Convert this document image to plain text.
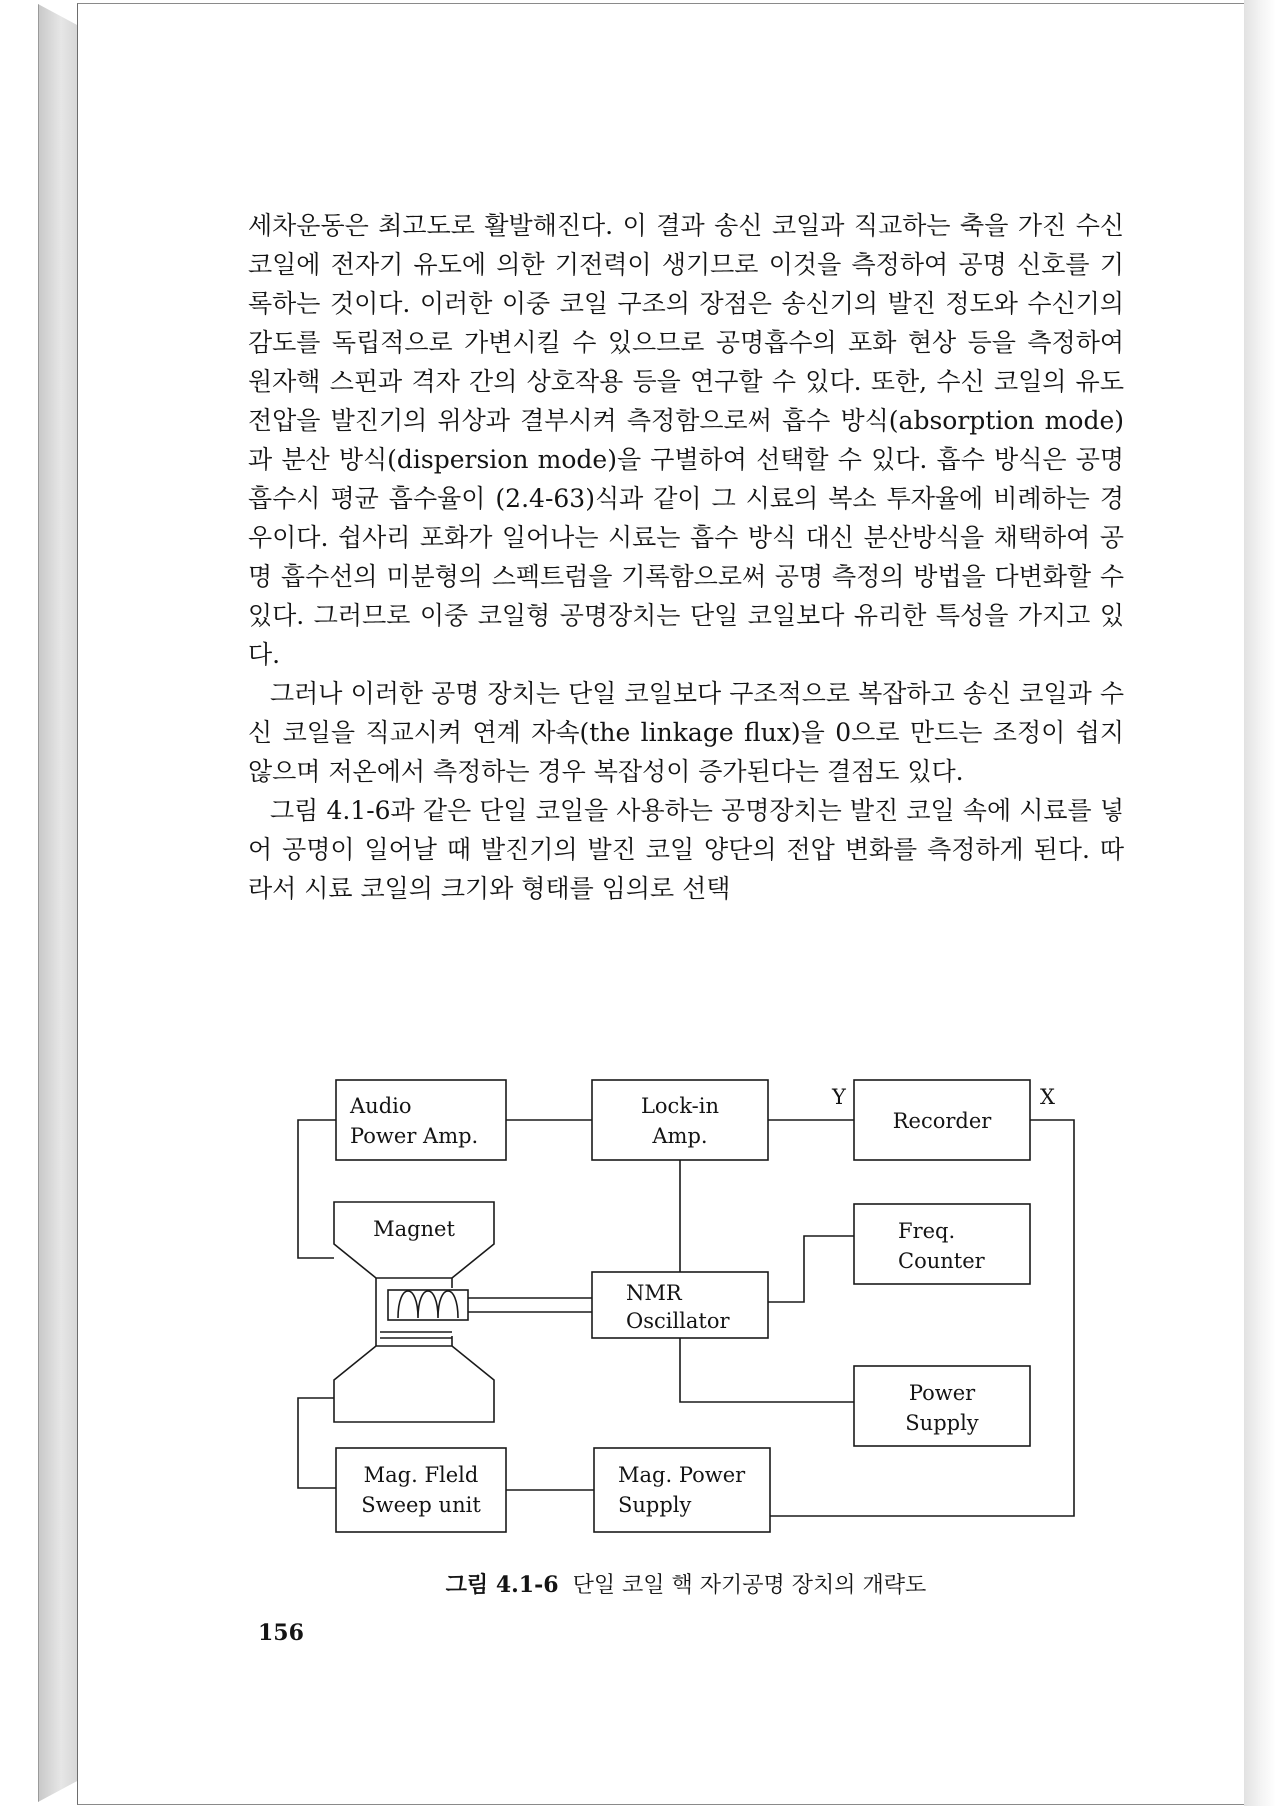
세차운동은 최고도로 활발해진다. 이 결과 송신 코일과 직교하는 축을 가진 수신 코일에 전자기 유도에 의한 기전력이 생기므로 이것을 측정하여 공명 신호를 기록하는 것이다. 이러한 이중 코일 구조의 장점은 송신기의 발진 정도와 수신기의 감도를 독립적으로 가변시킬 수 있으므로 공명흡수의 포화 현상 등을 측정하여 원자핵 스핀과 격자 간의 상호작용 등을 연구할 수 있다. 또한, 수신 코일의 유도전압을 발진기의 위상과 결부시켜 측정함으로써 흡수 방식(absorption mode)과 분산 방식(dispersion mode)을 구별하여 선택할 수 있다. 흡수 방식은 공명흡수시 평균 흡수율이 (2.4-63)식과 같이 그 시료의 복소 투자율에 비례하는 경우이다. 쉽사리 포화가 일어나는 시료는 흡수 방식 대신 분산방식을 채택하여 공명 흡수선의 미분형의 스펙트럼을 기록함으로써 공명 측정의 방법을 다변화할 수 있다. 그러므로 이중 코일형 공명장치는 단일 코일보다 유리한 특성을 가지고 있다.

그러나 이러한 공명 장치는 단일 코일보다 구조적으로 복잡하고 송신 코일과 수신 코일을 직교시켜 연계 자속(the linkage flux)을 0으로 만드는 조정이 쉽지 않으며 저온에서 측정하는 경우 복잡성이 증가된다는 결점도 있다.

그림 4.1-6과 같은 단일 코일을 사용하는 공명장치는 발진 코일 속에 시료를 넣어 공명이 일어날 때 발진기의 발진 코일 양단의 전압 변화를 측정하게 된다. 따라서 시료 코일의 크기와 형태를 임의로 선택

Audio
Power Amp.
Lock-in
Amp.
Recorder
Y	X
Magnet	Freq.
Counter
NMR
Oscillator
Power
Supply
Mag. Fleld
Sweep unit
Mag. Power
Supply
그림 4.1-6 단일 코일 핵 자기공명 장치의 개략도
156
